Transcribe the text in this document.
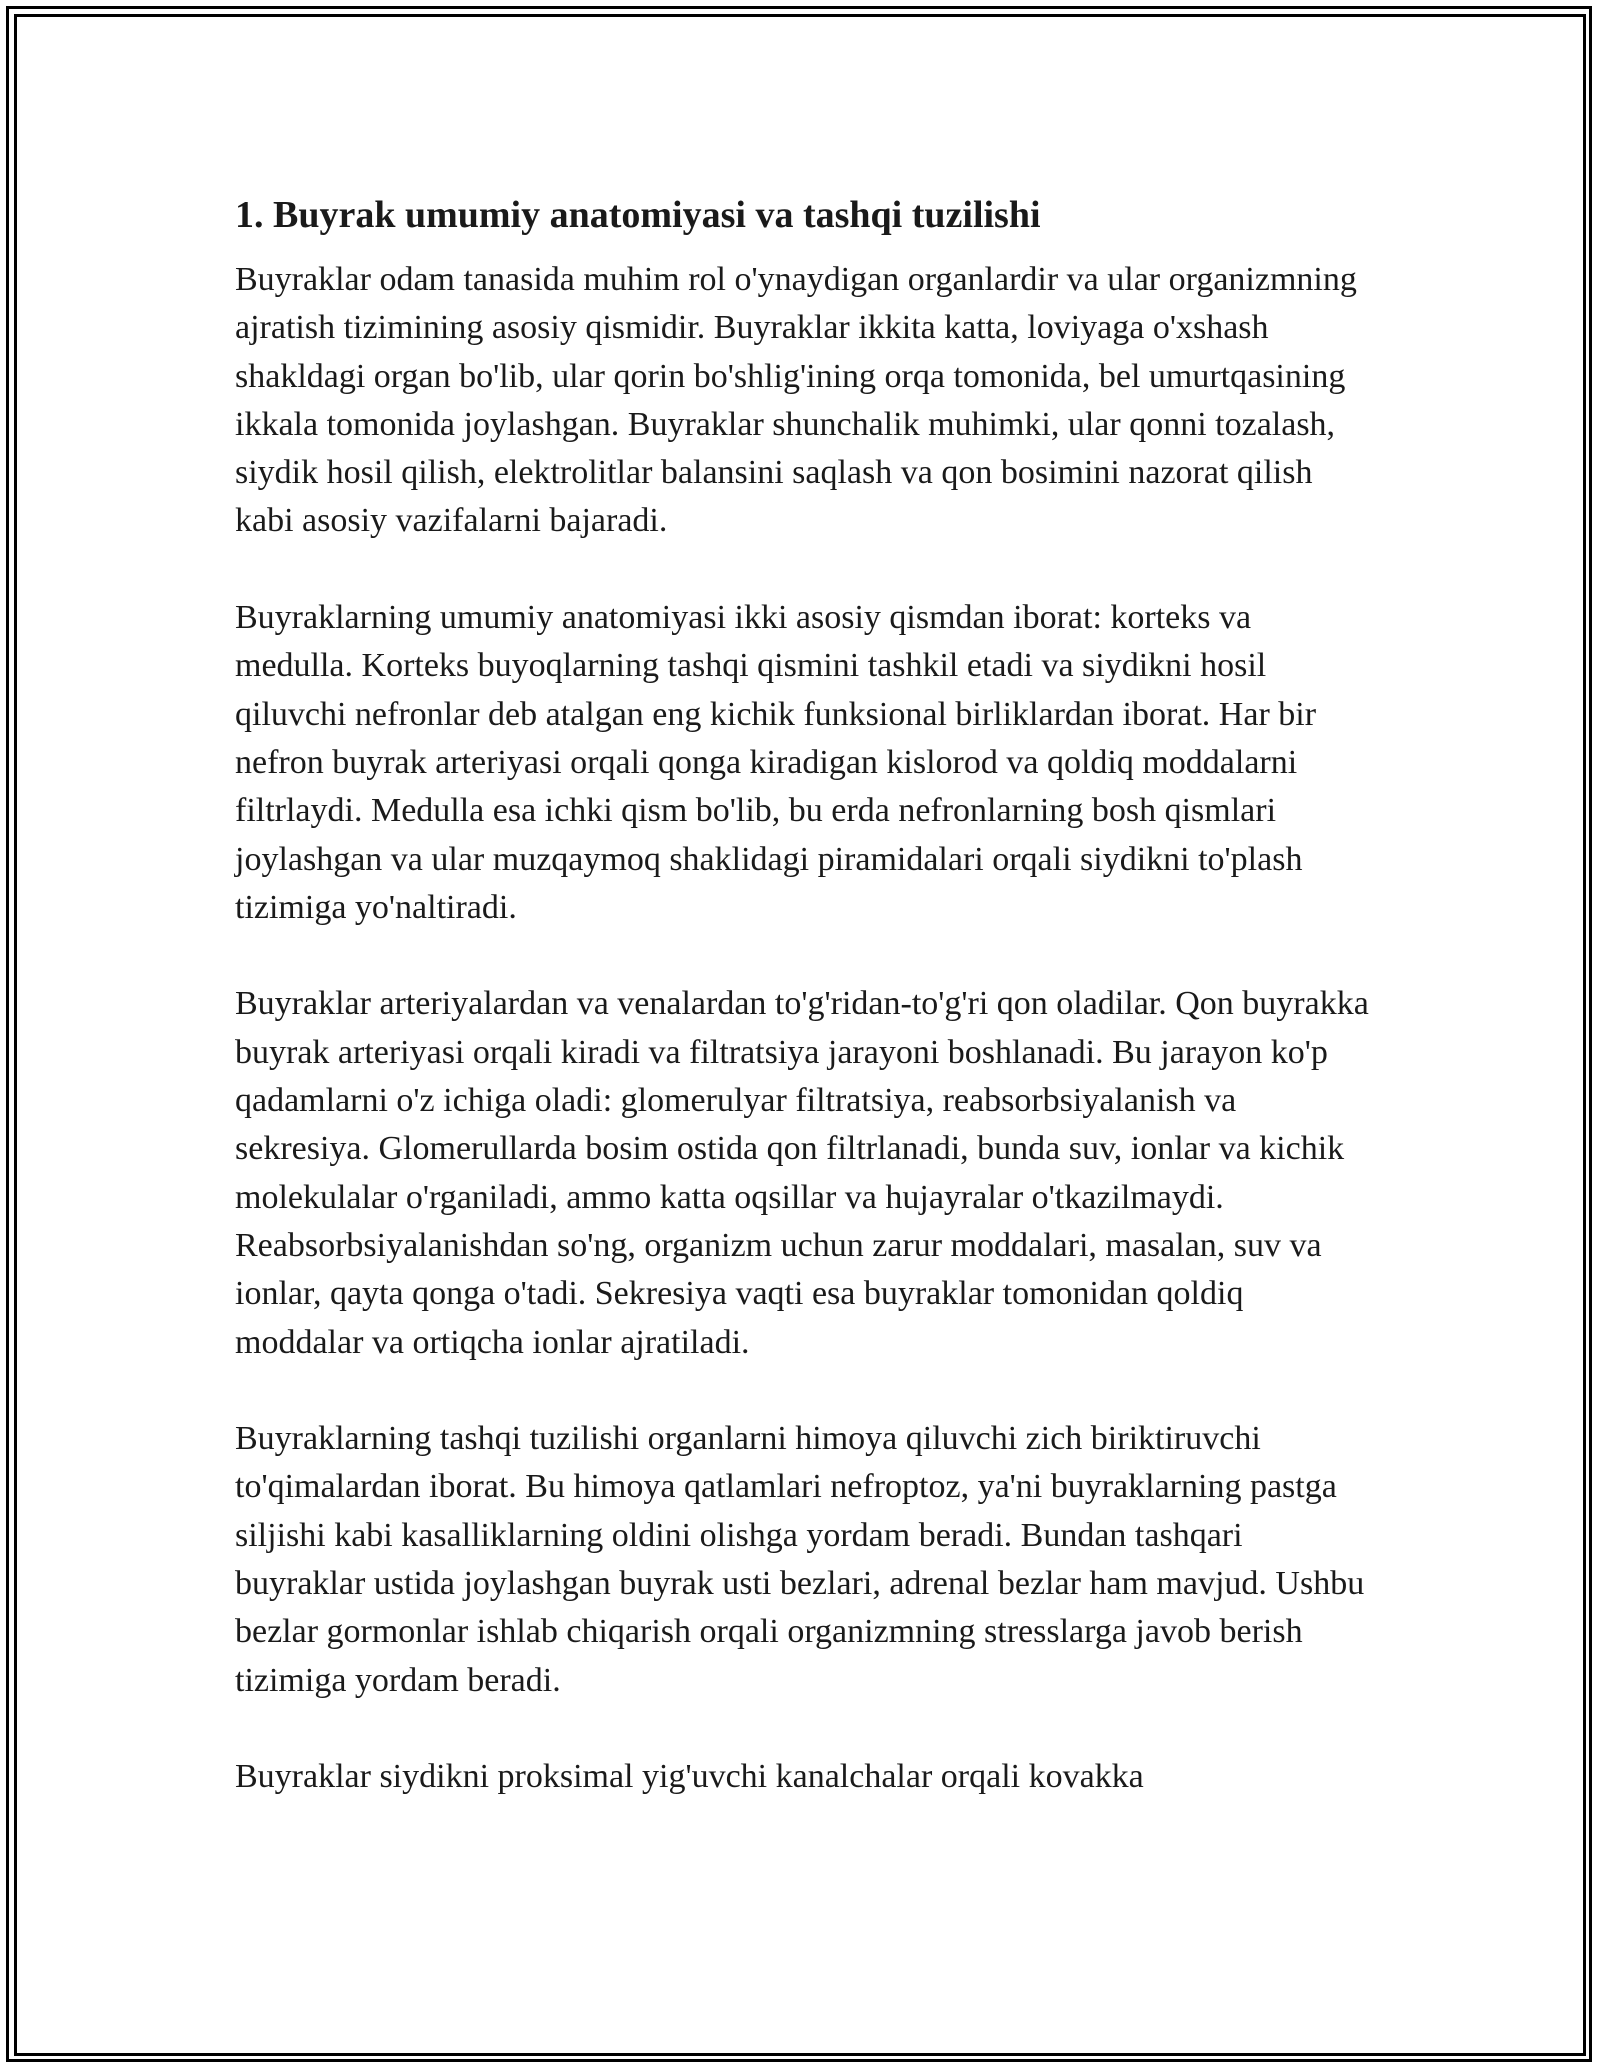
1. Buyrak umumiy anatomiyasi va tashqi tuzilishi

Buyraklar odam tanasida muhim rol o'ynaydigan organlardir va ular organizmning ajratish tizimining asosiy qismidir. Buyraklar ikkita katta, loviyaga o'xshash shakldagi organ bo'lib, ular qorin bo'shlig'ining orqa tomonida, bel umurtqasining ikkala tomonida joylashgan. Buyraklar shunchalik muhimki, ular qonni tozalash, siydik hosil qilish, elektrolitlar balansini saqlash va qon bosimini nazorat qilish kabi asosiy vazifalarni bajaradi.

Buyraklarning umumiy anatomiyasi ikki asosiy qismdan iborat: korteks va medulla. Korteks buyoqlarning tashqi qismini tashkil etadi va siydikni hosil qiluvchi nefronlar deb atalgan eng kichik funksional birliklardan iborat. Har bir nefron buyrak arteriyasi orqali qonga kiradigan kislorod va qoldiq moddalarni filtrlaydi. Medulla esa ichki qism bo'lib, bu erda nefronlarning bosh qismlari joylashgan va ular muzqaymoq shaklidagi piramidalari orqali siydikni to'plash tizimiga yo'naltiradi.

Buyraklar arteriyalardan va venalardan to'g'ridan-to'g'ri qon oladilar. Qon buyrakka buyrak arteriyasi orqali kiradi va filtratsiya jarayoni boshlanadi. Bu jarayon ko'p qadamlarni o'z ichiga oladi: glomerulyar filtratsiya, reabsorbsiyalanish va sekresiya. Glomerullarda bosim ostida qon filtrlanadi, bunda suv, ionlar va kichik molekulalar o'rganiladi, ammo katta oqsillar va hujayralar o'tkazilmaydi. Reabsorbsiyalanishdan so'ng, organizm uchun zarur moddalari, masalan, suv va ionlar, qayta qonga o'tadi. Sekresiya vaqti esa buyraklar tomonidan qoldiq moddalar va ortiqcha ionlar ajratiladi.

Buyraklarning tashqi tuzilishi organlarni himoya qiluvchi zich biriktiruvchi to'qimalardan iborat. Bu himoya qatlamlari nefroptoz, ya'ni buyraklarning pastga siljishi kabi kasalliklarning oldini olishga yordam beradi. Bundan tashqari buyraklar ustida joylashgan buyrak usti bezlari, adrenal bezlar ham mavjud. Ushbu bezlar gormonlar ishlab chiqarish orqali organizmning stresslarga javob berish tizimiga yordam beradi.

Buyraklar siydikni proksimal yig'uvchi kanalchalar orqali kovakka
